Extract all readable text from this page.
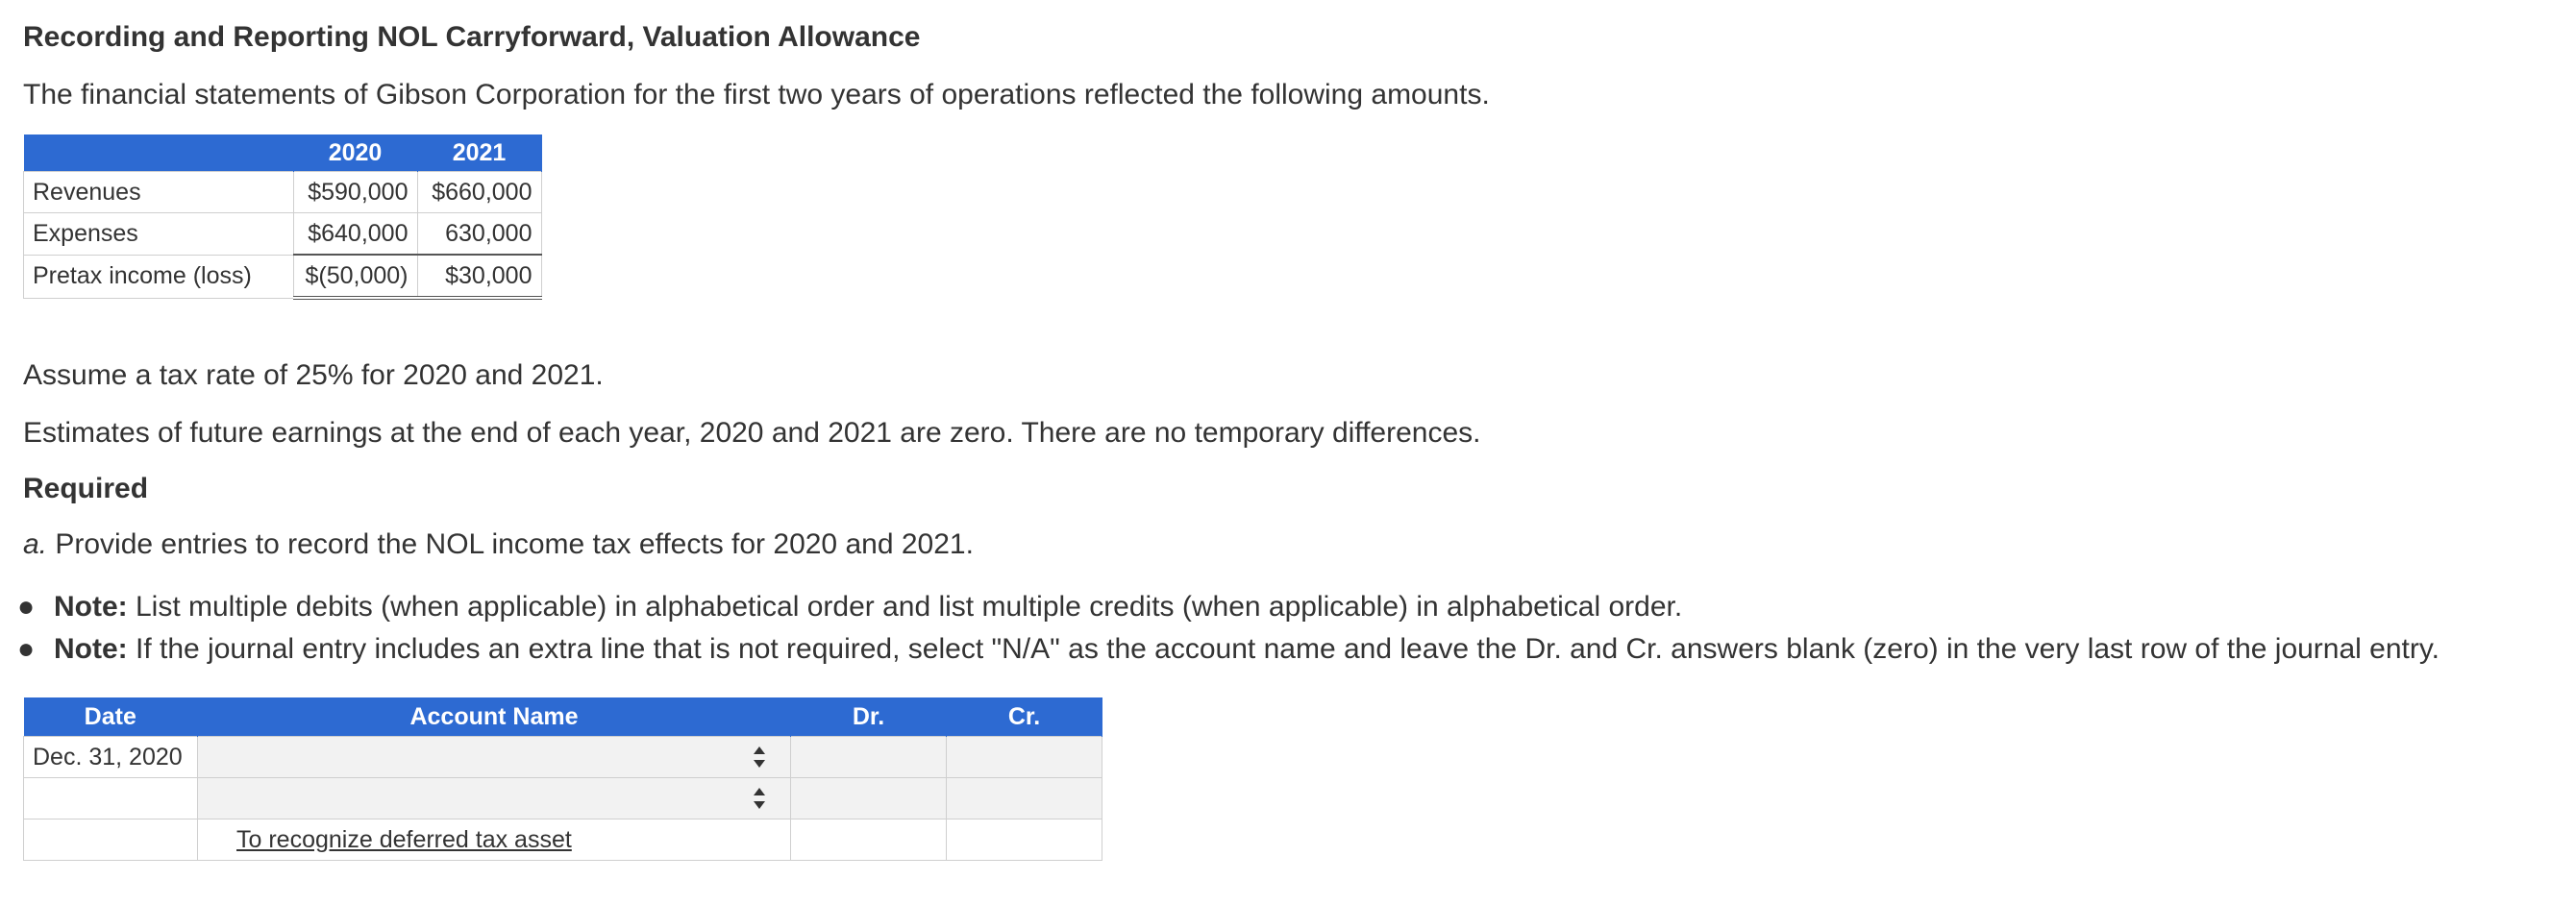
Recording and Reporting NOL Carryforward, Valuation Allowance
The financial statements of Gibson Corporation for the first two years of operations reflected the following amounts.
	2020	2021
Revenues	$590,000	$660,000
Expenses	$640,000	630,000
Pretax income (loss)	$(50,000)	$30,000
Assume a tax rate of 25% for 2020 and 2021.
Estimates of future earnings at the end of each year, 2020 and 2021 are zero. There are no temporary differences.
Required
a. Provide entries to record the NOL income tax effects for 2020 and 2021.
● Note: List multiple debits (when applicable) in alphabetical order and list multiple credits (when applicable) in alphabetical order.
● Note: If the journal entry includes an extra line that is not required, select "N/A" as the account name and leave the Dr. and Cr. answers blank (zero) in the very last row of the journal entry.
Date	Account Name	Dr.	Cr.
Dec. 31, 2020	

	To recognize deferred tax asset		
